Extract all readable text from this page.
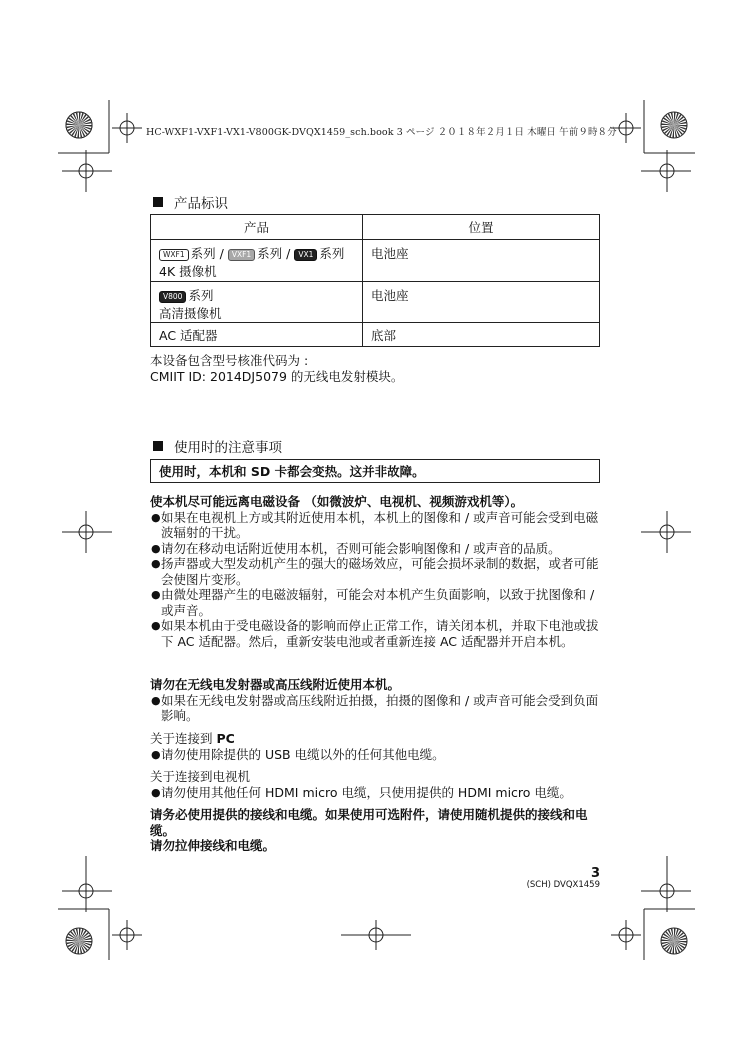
HC-WXF1-VXF1-VX1-V800GK-DVQX1459_sch.book 3 ページ ２０１８年２月１日 木曜日 午前９時８分
产品标识
产品	位置
WXF1 系列 / VXF1 系列 / VX1 系列
4K 摄像机	电池座
V800 系列
高清摄像机	电池座
AC 适配器	底部
本设备包含型号核准代码为 :
CMIIT ID: 2014DJ5079 的无线电发射模块。
使用时的注意事项
使用时，本机和 SD 卡都会变热。这并非故障。
使本机尽可能远离电磁设备 （如微波炉、电视机、视频游戏机等）。
● 如果在电视机上方或其附近使用本机，本机上的图像和 / 或声音可能会受到电磁波辐射的干扰。
● 请勿在移动电话附近使用本机，否则可能会影响图像和 / 或声音的品质。
● 扬声器或大型发动机产生的强大的磁场效应，可能会损坏录制的数据，或者可能会使图片变形。
● 由微处理器产生的电磁波辐射，可能会对本机产生负面影响，以致于扰图像和 / 或声音。
● 如果本机由于受电磁设备的影响而停止正常工作，请关闭本机，并取下电池或拔下 AC 适配器。然后，重新安装电池或者重新连接 AC 适配器并开启本机。
请勿在无线电发射器或高压线附近使用本机。
● 如果在无线电发射器或高压线附近拍摄，拍摄的图像和 / 或声音可能会受到负面影响。
关于连接到 PC
● 请勿使用除提供的 USB 电缆以外的任何其他电缆。
关于连接到电视机
● 请勿使用其他任何 HDMI micro 电缆，只使用提供的 HDMI micro 电缆。
请务必使用提供的接线和电缆。如果使用可选附件，请使用随机提供的接线和电缆。
请勿拉伸接线和电缆。
3
(SCH) DVQX1459
